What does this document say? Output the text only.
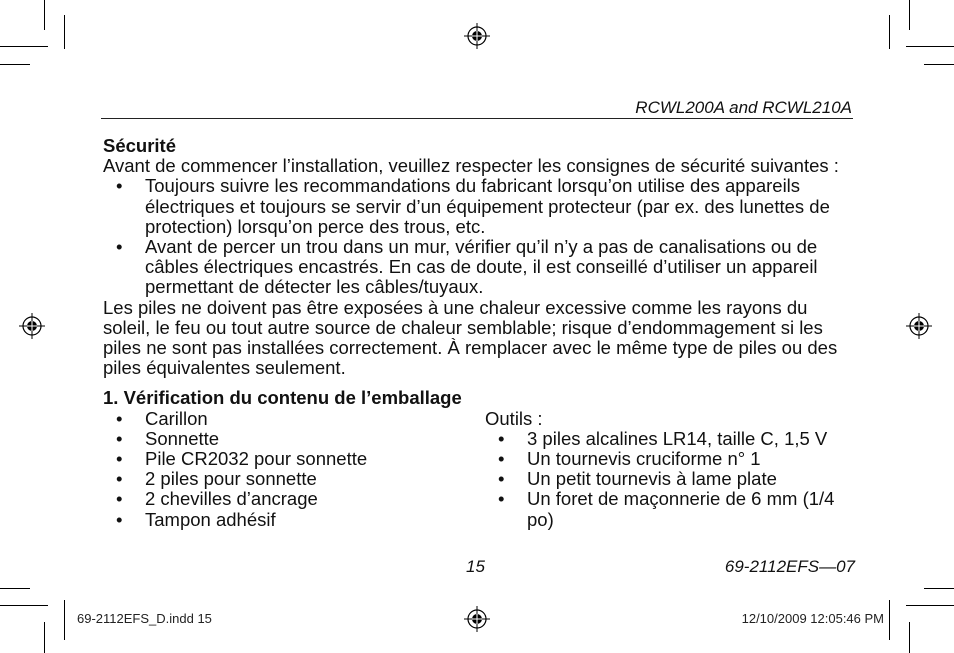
RCWL200A and RCWL210A

Sécurité

Avant de commencer l’installation, veuillez respecter les consignes de sécurité suivantes :

• Toujours suivre les recommandations du fabricant lorsqu’on utilise des appareils électriques et toujours se servir d’un équipement protecteur (par ex. des lunettes de protection) lorsqu’on perce des trous, etc.
• Avant de percer un trou dans un mur, vérifier qu’il n’y a pas de canalisations ou de câbles électriques encastrés. En cas de doute, il est conseillé d’utiliser un appareil permettant de détecter les câbles/tuyaux.

Les piles ne doivent pas être exposées à une chaleur excessive comme les rayons du soleil, le feu ou tout autre source de chaleur semblable; risque d’endommagement si les piles ne sont pas installées correctement. À remplacer avec le même type de piles ou des piles équivalentes seulement.

1. Vérification du contenu de l’emballage

• Carillon
• Sonnette
• Pile CR2032 pour sonnette
• 2 piles pour sonnette
• 2 chevilles d’ancrage
• Tampon adhésif

Outils :

• 3 piles alcalines LR14, taille C, 1,5 V
• Un tournevis cruciforme n° 1
• Un petit tournevis à lame plate
• Un foret de maçonnerie de 6 mm (1/4 po)
15	69-2112EFS—07
69-2112EFS_D.indd 15	12/10/2009 12:05:46 PM
